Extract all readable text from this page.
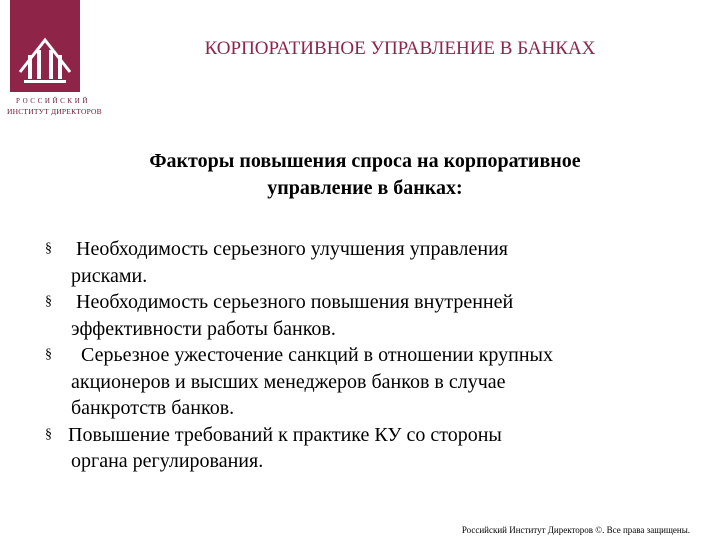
РОССИЙСКИЙ
ИНСТИТУТ ДИРЕКТОРОВ
КОРПОРАТИВНОЕ УПРАВЛЕНИЕ В БАНКАХ
Факторы повышения спроса на корпоративное
управление в банках:
§ Необходимость серьезного улучшения управления
рисками.
§ Необходимость серьезного повышения внутренней
эффективности работы банков.
§ Серьезное ужесточение санкций в отношении крупных
акционеров и высших менеджеров банков в случае
банкротств банков.
§ Повышение требований к практике КУ со стороны
органа регулирования.
Российский Институт Директоров ©. Все права защищены.
